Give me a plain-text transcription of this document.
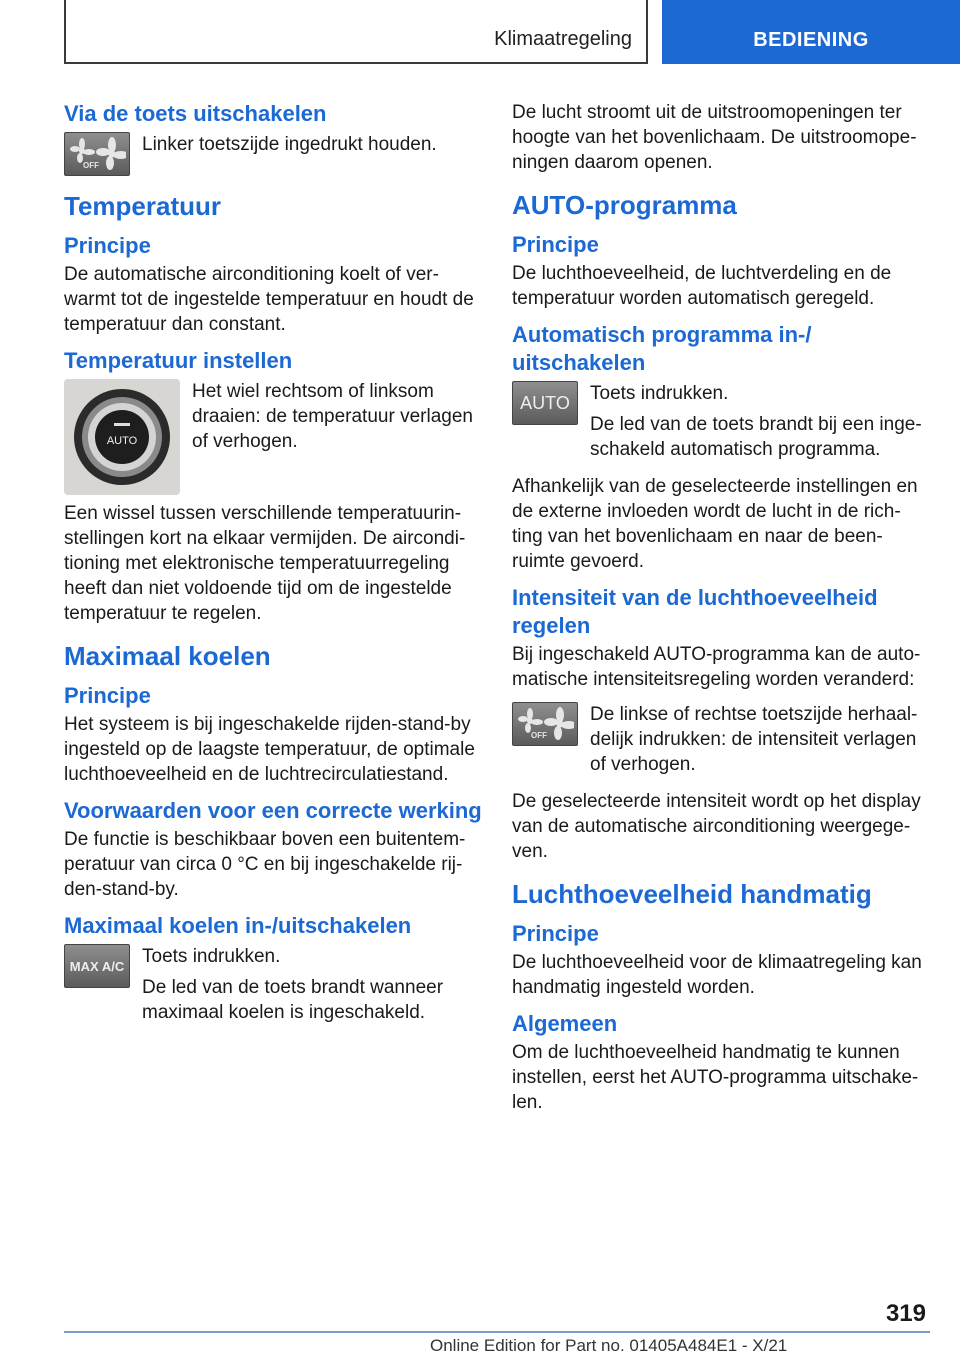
Klimaatregeling	BEDIENING
Via de toets uitschakelen
OFF

Linker toetszijde ingedrukt houden.

Temperatuur
Principe

De automatische airconditioning koelt of ver-warmt tot de ingestelde temperatuur en houdt de temperatuur dan constant.

Temperatuur instellen
AUTO

Het wiel rechtsom of linksom draaien: de temperatuur verlagen of verhogen.

Een wissel tussen verschillende temperatuurin-stellingen kort na elkaar vermijden. De aircondi-tioning met elektronische temperatuurregeling heeft dan niet voldoende tijd om de ingestelde temperatuur te regelen.

Maximaal koelen
Principe

Het systeem is bij ingeschakelde rijden-stand-by ingesteld op de laagste temperatuur, de optimale luchthoeveelheid en de luchtrecirculatiestand.

Voorwaarden voor een correcte werking

De functie is beschikbaar boven een buitentem-peratuur van circa 0 °C en bij ingeschakelde rij-den-stand-by.

Maximaal koelen in-/uitschakelen
MAX A/C Toets indrukken.

De led van de toets brandt wanneer maximaal koelen is ingeschakeld.

De lucht stroomt uit de uitstroomopeningen ter hoogte van het bovenlichaam. De uitstroomope-ningen daarom openen.

AUTO-programma
Principe

De luchthoeveelheid, de luchtverdeling en de temperatuur worden automatisch geregeld.

Automatisch programma in-/ uitschakelen
AUTO	Toets indrukken.

De led van de toets brandt bij een inge-schakeld automatisch programma.

Afhankelijk van de geselecteerde instellingen en de externe invloeden wordt de lucht in de rich-ting van het bovenlichaam en naar de been-ruimte gevoerd.

Intensiteit van de luchthoeveelheid regelen

Bij ingeschakeld AUTO-programma kan de auto-matische intensiteitsregeling worden veranderd:

OFF

De linkse of rechtse toetszijde herhaal-delijk indrukken: de intensiteit verlagen of verhogen.

De geselecteerde intensiteit wordt op het display van de automatische airconditioning weergege-ven.

Luchthoeveelheid handmatig
Principe

De luchthoeveelheid voor de klimaatregeling kan handmatig ingesteld worden.

Algemeen

Om de luchthoeveelheid handmatig te kunnen instellen, eerst het AUTO-programma uitschake-len.

319
Online Edition for Part no. 01405A484E1 - X/21
